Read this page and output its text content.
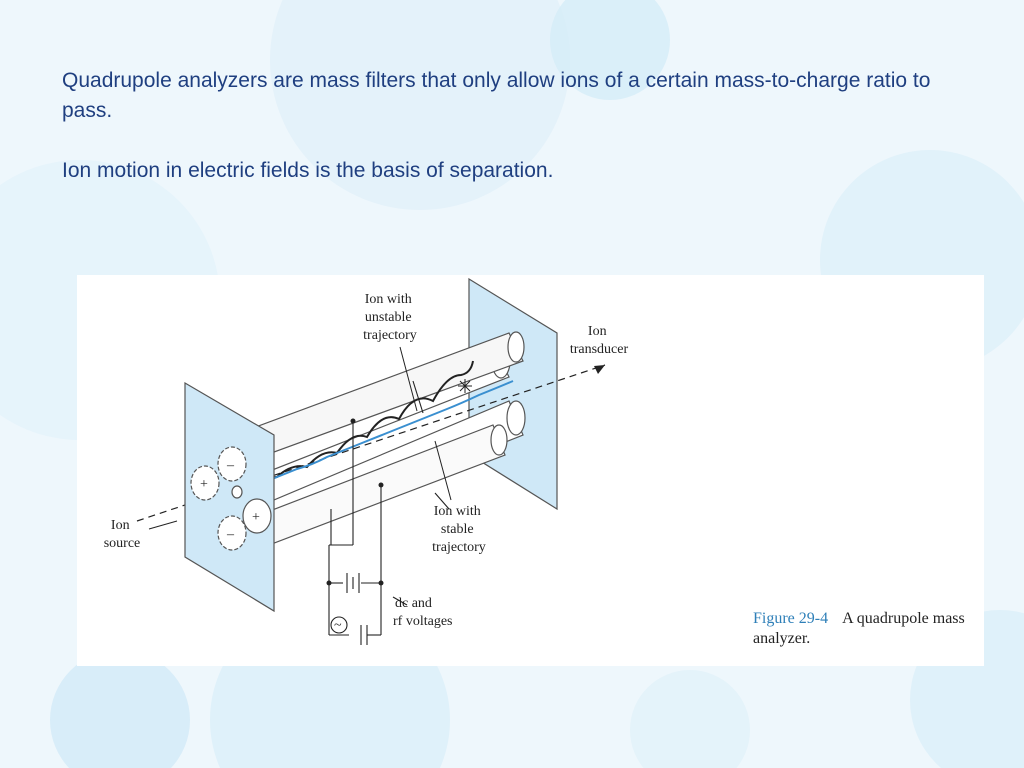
Quadrupole analyzers are mass filters that only allow ions of a certain mass-to-charge ratio to pass.

Ion motion in electric fields is the basis of separation.

–
+
+
–
~
Ion with unstable trajectory	Ion transducer
Ion source
Ion with stable trajectory
dc and rf voltages	Figure 29-4 A quadrupole mass analyzer.
